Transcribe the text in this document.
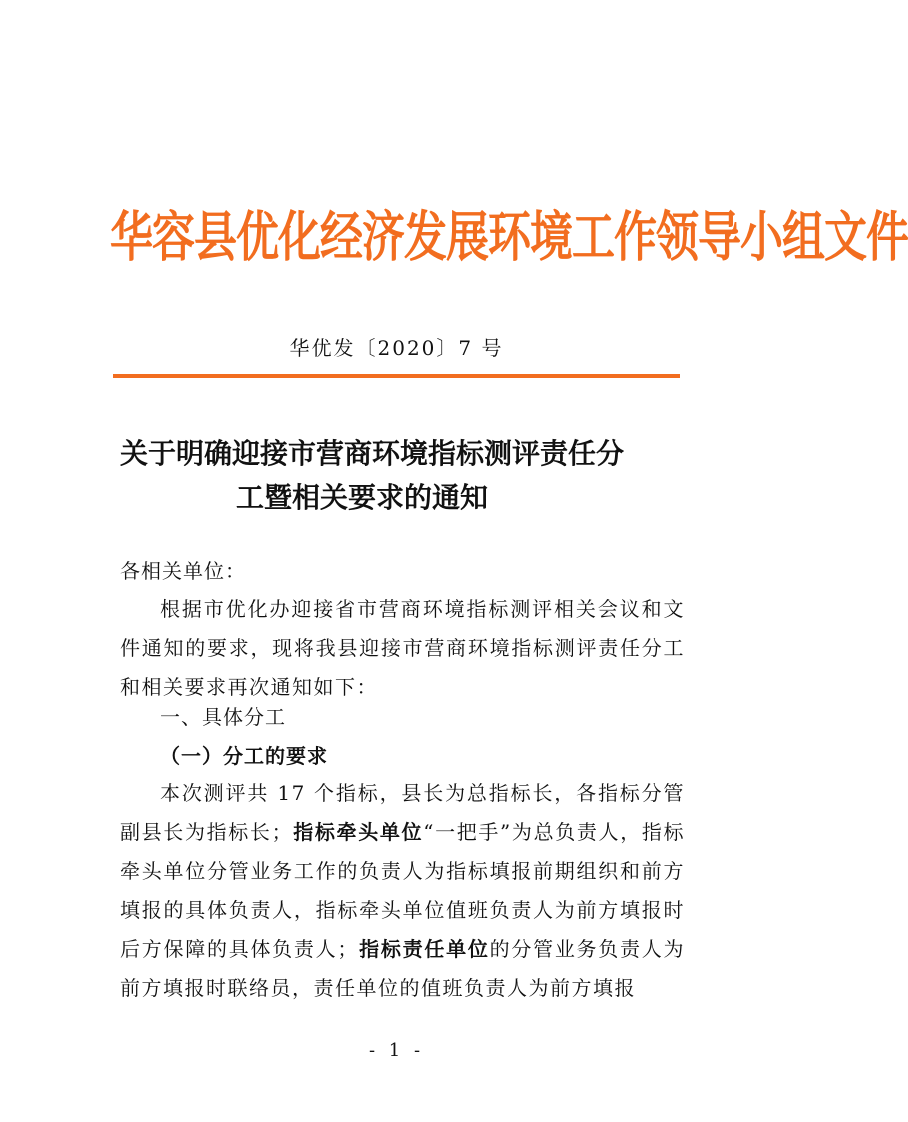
华容县优化经济发展环境工作领导小组文件
华优发〔2020〕7 号
关于明确迎接市营商环境指标测评责任分
工暨相关要求的通知
各相关单位：

根据市优化办迎接省市营商环境指标测评相关会议和文件通知的要求，现将我县迎接市营商环境指标测评责任分工和相关要求再次通知如下：

一、具体分工
（一）分工的要求

本次测评共 17 个指标，县长为总指标长，各指标分管副县长为指标长；指标牵头单位“一把手”为总负责人，指标牵头单位分管业务工作的负责人为指标填报前期组织和前方填报的具体负责人，指标牵头单位值班负责人为前方填报时后方保障的具体负责人；指标责任单位的分管业务负责人为前方填报时联络员，责任单位的值班负责人为前方填报

- 1 -
